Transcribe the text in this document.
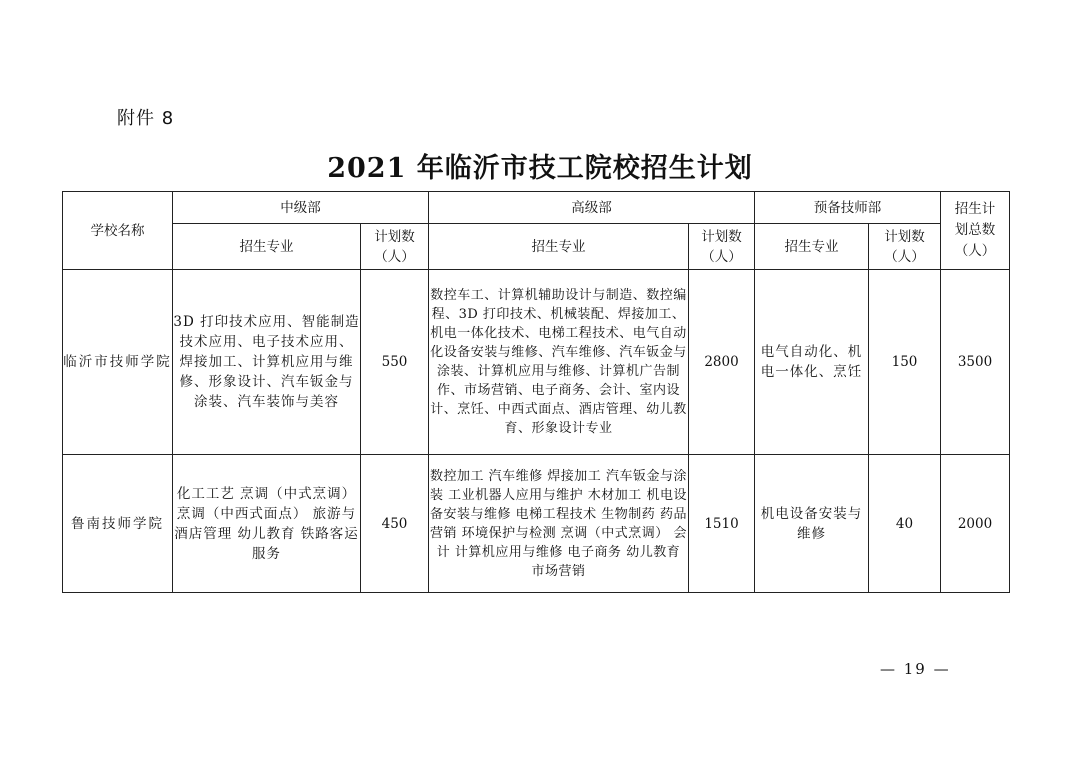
附件 8
2021 年临沂市技工院校招生计划
学校名称	中级部		高级部		预备技师部		招生计划总数（人）
	招生专业	计划数（人）	招生专业	计划数（人）	招生专业	计划数（人）	
临沂市技师学院	3D 打印技术应用、智能制造技术应用、电子技术应用、焊接加工、计算机应用与维修、形象设计、汽车钣金与涂装、汽车装饰与美容	550	数控车工、计算机辅助设计与制造、数控编程、3D 打印技术、机械装配、焊接加工、机电一体化技术、电梯工程技术、电气自动化设备安装与维修、汽车维修、汽车钣金与涂装、计算机应用与维修、计算机广告制作、市场营销、电子商务、会计、室内设计、烹饪、中西式面点、酒店管理、幼儿教育、形象设计专业	2800	电气自动化、机电一体化、烹饪	150	3500
鲁南技师学院	化工工艺 烹调（中式烹调） 烹调（中西式面点） 旅游与酒店管理 幼儿教育 铁路客运服务	450	数控加工 汽车维修 焊接加工 汽车钣金与涂装 工业机器人应用与维护 木材加工 机电设备安装与维修 电梯工程技术 生物制药 药品营销 环境保护与检测 烹调（中式烹调） 会计 计算机应用与维修 电子商务 幼儿教育 市场营销	1510	机电设备安装与维修	40	2000
— 19 —
